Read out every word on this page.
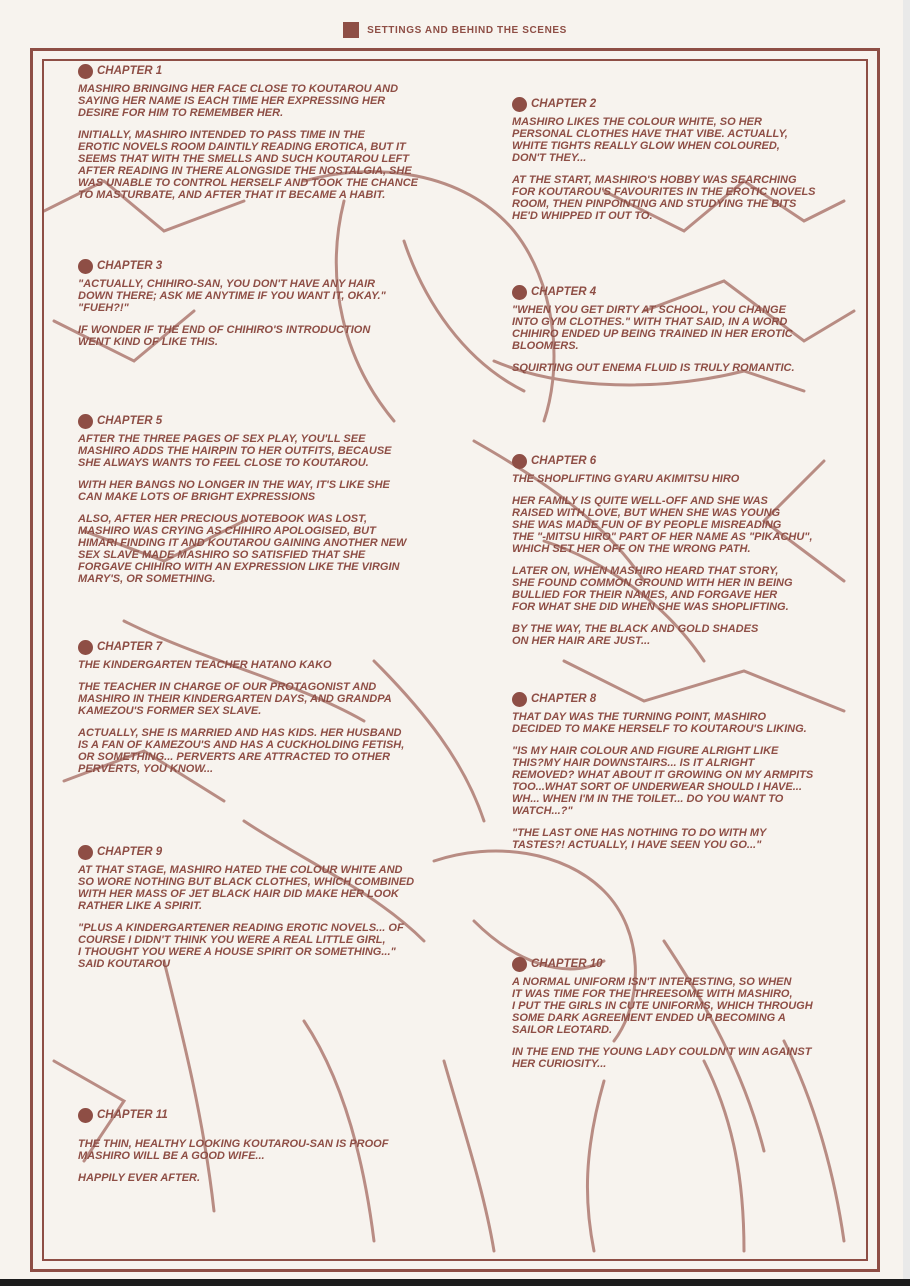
SETTINGS AND BEHIND THE SCENES
CHAPTER 1
MASHIRO BRINGING HER FACE CLOSE TO KOUTAROU AND
SAYING HER NAME IS EACH TIME HER EXPRESSING HER
DESIRE FOR HIM TO REMEMBER HER.
INITIALLY, MASHIRO INTENDED TO PASS TIME IN THE
EROTIC NOVELS ROOM DAINTILY READING EROTICA, BUT IT
SEEMS THAT WITH THE SMELLS AND SUCH KOUTAROU LEFT
AFTER READING IN THERE ALONGSIDE THE NOSTALGIA, SHE
WAS UNABLE TO CONTROL HERSELF AND TOOK THE CHANCE
TO MASTURBATE, AND AFTER THAT IT BECAME A HABIT.
CHAPTER 2
MASHIRO LIKES THE COLOUR WHITE, SO HER
PERSONAL CLOTHES HAVE THAT VIBE. ACTUALLY,
WHITE TIGHTS REALLY GLOW WHEN COLOURED,
DON'T THEY...
AT THE START, MASHIRO'S HOBBY WAS SEARCHING
FOR KOUTAROU'S FAVOURITES IN THE EROTIC NOVELS
ROOM, THEN PINPOINTING AND STUDYING THE BITS
HE'D WHIPPED IT OUT TO.
CHAPTER 3
"ACTUALLY, CHIHIRO-SAN, YOU DON'T HAVE ANY HAIR
DOWN THERE; ASK ME ANYTIME IF YOU WANT IT, OKAY."
"FUEH?!"
IF WONDER IF THE END OF CHIHIRO'S INTRODUCTION
WENT KIND OF LIKE THIS.
CHAPTER 4
"WHEN YOU GET DIRTY AT SCHOOL, YOU CHANGE
INTO GYM CLOTHES." WITH THAT SAID, IN A WORD
CHIHIRO ENDED UP BEING TRAINED IN HER EROTIC
BLOOMERS.
SQUIRTING OUT ENEMA FLUID IS TRULY ROMANTIC.
CHAPTER 5
AFTER THE THREE PAGES OF SEX PLAY, YOU'LL SEE
MASHIRO ADDS THE HAIRPIN TO HER OUTFITS, BECAUSE
SHE ALWAYS WANTS TO FEEL CLOSE TO KOUTAROU.
WITH HER BANGS NO LONGER IN THE WAY, IT'S LIKE SHE
CAN MAKE LOTS OF BRIGHT EXPRESSIONS
ALSO, AFTER HER PRECIOUS NOTEBOOK WAS LOST,
MASHIRO WAS CRYING AS CHIHIRO APOLOGISED, BUT
HIMARI FINDING IT AND KOUTAROU GAINING ANOTHER NEW
SEX SLAVE MADE MASHIRO SO SATISFIED THAT SHE
FORGAVE CHIHIRO WITH AN EXPRESSION LIKE THE VIRGIN
MARY'S, OR SOMETHING.
CHAPTER 6
THE SHOPLIFTING GYARU AKIMITSU HIRO
HER FAMILY IS QUITE WELL-OFF AND SHE WAS
RAISED WITH LOVE, BUT WHEN SHE WAS YOUNG
SHE WAS MADE FUN OF BY PEOPLE MISREADING
THE "-MITSU HIRO" PART OF HER NAME AS "PIKACHU",
WHICH SET HER OFF ON THE WRONG PATH.
LATER ON, WHEN MASHIRO HEARD THAT STORY,
SHE FOUND COMMON GROUND WITH HER IN BEING
BULLIED FOR THEIR NAMES, AND FORGAVE HER
FOR WHAT SHE DID WHEN SHE WAS SHOPLIFTING.
BY THE WAY, THE BLACK AND GOLD SHADES
ON HER HAIR ARE JUST...
CHAPTER 7
THE KINDERGARTEN TEACHER HATANO KAKO
THE TEACHER IN CHARGE OF OUR PROTAGONIST AND
MASHIRO IN THEIR KINDERGARTEN DAYS, AND GRANDPA
KAMEZOU'S FORMER SEX SLAVE.
ACTUALLY, SHE IS MARRIED AND HAS KIDS. HER HUSBAND
IS A FAN OF KAMEZOU'S AND HAS A CUCKHOLDING FETISH,
OR SOMETHING... PERVERTS ARE ATTRACTED TO OTHER
PERVERTS, YOU KNOW...
CHAPTER 8
THAT DAY WAS THE TURNING POINT, MASHIRO
DECIDED TO MAKE HERSELF TO KOUTAROU'S LIKING.
"IS MY HAIR COLOUR AND FIGURE ALRIGHT LIKE
THIS?MY HAIR DOWNSTAIRS... IS IT ALRIGHT
REMOVED? WHAT ABOUT IT GROWING ON MY ARMPITS
TOO...WHAT SORT OF UNDERWEAR SHOULD I HAVE...
WH... WHEN I'M IN THE TOILET... DO YOU WANT TO
WATCH...?"
"THE LAST ONE HAS NOTHING TO DO WITH MY
TASTES?! ACTUALLY, I HAVE SEEN YOU GO..."
CHAPTER 9
AT THAT STAGE, MASHIRO HATED THE COLOUR WHITE AND
SO WORE NOTHING BUT BLACK CLOTHES, WHICH COMBINED
WITH HER MASS OF JET BLACK HAIR DID MAKE HER LOOK
RATHER LIKE A SPIRIT.
"PLUS A KINDERGARTENER READING EROTIC NOVELS... OF
COURSE I DIDN'T THINK YOU WERE A REAL LITTLE GIRL,
I THOUGHT YOU WERE A HOUSE SPIRIT OR SOMETHING..."
SAID KOUTAROU	CHAPTER 10
A NORMAL UNIFORM ISN'T INTERESTING, SO WHEN
IT WAS TIME FOR THE THREESOME WITH MASHIRO,
I PUT THE GIRLS IN CUTE UNIFORMS, WHICH THROUGH
SOME DARK AGREEMENT ENDED UP BECOMING A
SAILOR LEOTARD.
IN THE END THE YOUNG LADY COULDN'T WIN AGAINST
HER CURIOSITY...
CHAPTER 11
THE THIN, HEALTHY LOOKING KOUTAROU-SAN IS PROOF
MASHIRO WILL BE A GOOD WIFE...
HAPPILY EVER AFTER.
